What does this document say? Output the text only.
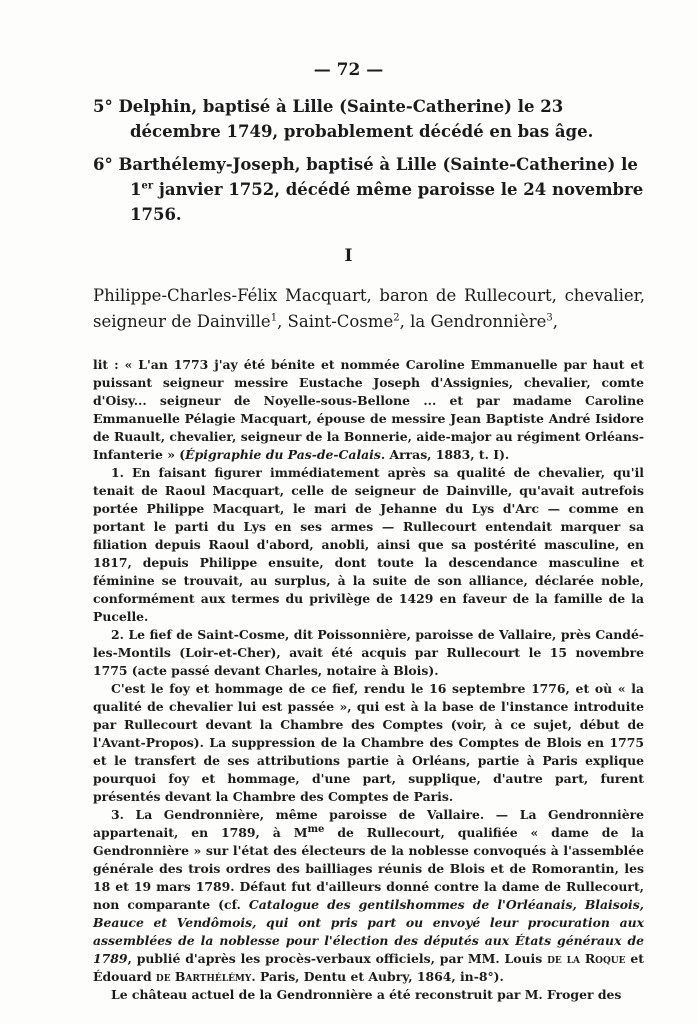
— 72 —

5° Delphin, baptisé à Lille (Sainte-Catherine) le 23 décembre 1749, probablement décédé en bas âge.

6° Barthélemy-Joseph, baptisé à Lille (Sainte-Catherine) le 1er janvier 1752, décédé même paroisse le 24 novembre 1756.

I
Philippe-Charles-Félix Macquart, baron de Rullecourt, chevalier, seigneur de Dainville$^1$, Saint-Cosme$^2$, la Gendronnière$^3$,

lit : « L'an 1773 j'ay été bénite et nommée Caroline Emmanuelle par haut et puissant seigneur messire Eustache Joseph d'Assignies, chevalier, comte d'Oisy... seigneur de Noyelle-sous-Bellone ... et par madame Caroline Emmanuelle Pélagie Macquart, épouse de messire Jean Baptiste André Isidore de Ruault, chevalier, seigneur de la Bonnerie, aide-major au régiment Orléans-Infanterie » (Épigraphie du Pas-de-Calais. Arras, 1883, t. I).

1. En faisant figurer immédiatement après sa qualité de chevalier, qu'il tenait de Raoul Macquart, celle de seigneur de Dainville, qu'avait autrefois portée Philippe Macquart, le mari de Jehanne du Lys d'Arc — comme en portant le parti du Lys en ses armes — Rullecourt entendait marquer sa filiation depuis Raoul d'abord, anobli, ainsi que sa postérité masculine, en 1817, depuis Philippe ensuite, dont toute la descendance masculine et féminine se trouvait, au surplus, à la suite de son alliance, déclarée noble, conformément aux termes du privilège de 1429 en faveur de la famille de la Pucelle.

2. Le fief de Saint-Cosme, dit Poissonnière, paroisse de Vallaire, près Candé-les-Montils (Loir-et-Cher), avait été acquis par Rullecourt le 15 novembre 1775 (acte passé devant Charles, notaire à Blois).

C'est le foy et hommage de ce fief, rendu le 16 septembre 1776, et où « la qualité de chevalier lui est passée », qui est à la base de l'instance introduite par Rullecourt devant la Chambre des Comptes (voir, à ce sujet, début de l'Avant-Propos). La suppression de la Chambre des Comptes de Blois en 1775 et le transfert de ses attributions partie à Orléans, partie à Paris explique pourquoi foy et hommage, d'une part, supplique, d'autre part, furent présentés devant la Chambre des Comptes de Paris.

3. La Gendronnière, même paroisse de Vallaire. — La Gendronnière appartenait, en 1789, à $M^{me}$ de Rullecourt, qualifiée « dame de la Gendronnière » sur l'état des électeurs de la noblesse convoqués à l'assemblée générale des trois ordres des bailliages réunis de Blois et de Romorantin, les 18 et 19 mars 1789. Défaut fut d'ailleurs donné contre la dame de Rullecourt, non comparante (cf. Catalogue des gentilshommes de l'Orléanais, Blaisois, Beauce et Vendômois, qui ont pris part ou envoyé leur procuration aux assemblées de la noblesse pour l'élection des députés aux États généraux de 1789, publié d'après les procès-verbaux officiels, par MM. Louis de la Roque et Édouard de Barthélémy. Paris, Dentu et Aubry, 1864, in-8°).

Le château actuel de la Gendronnière a été reconstruit par M. Froger des
